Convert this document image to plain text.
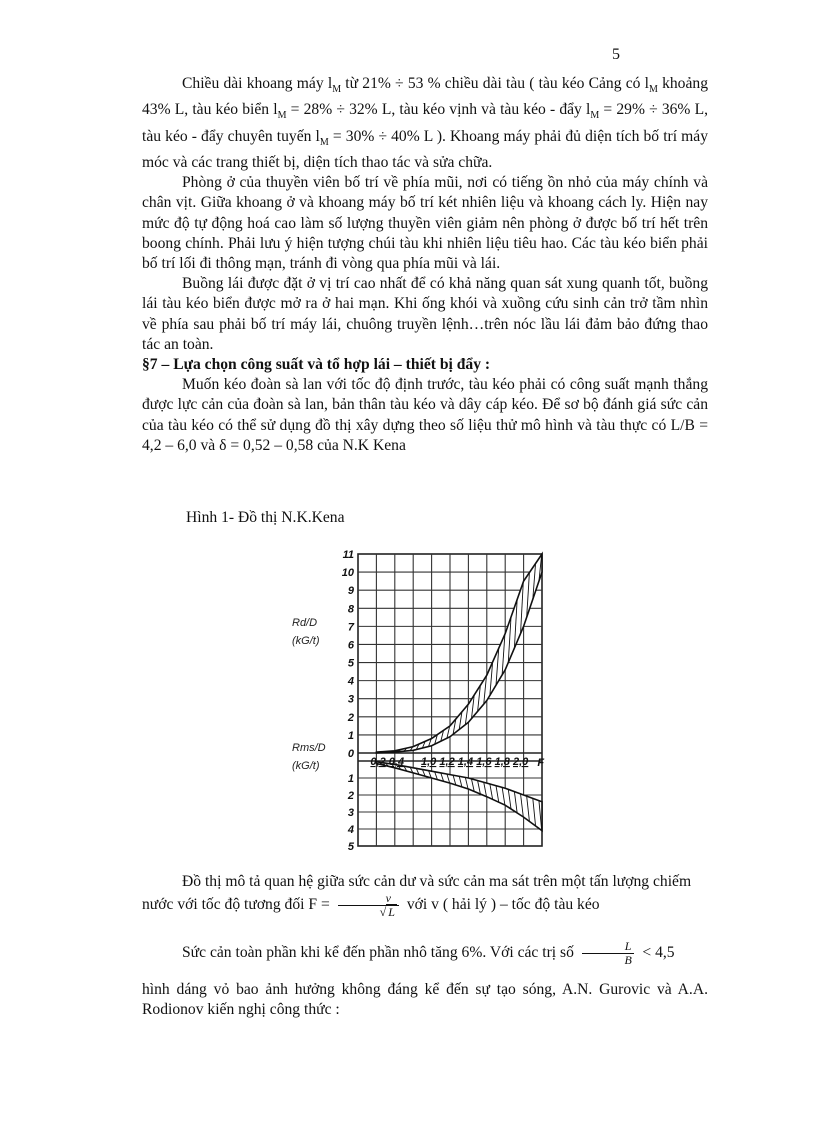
5

Chiều dài khoang máy $l_M$ từ 21% ÷ 53 % chiều dài tàu ( tàu kéo Cảng có $l_M$ khoảng 43% L, tàu kéo biển $l_M = 28\% \div 32\%$ L, tàu kéo vịnh và tàu kéo - đẩy $l_M = 29\% \div 36\%$ L, tàu kéo - đẩy chuyên tuyến $l_M = 30\% \div 40\%$ L ). Khoang máy phải đủ diện tích bố trí máy móc và các trang thiết bị, diện tích thao tác và sửa chữa.

Phòng ở của thuyền viên bố trí về phía mũi, nơi có tiếng ồn nhỏ của máy chính và chân vịt. Giữa khoang ở và khoang máy bố trí két nhiên liệu và khoang cách ly. Hiện nay mức độ tự động hoá cao làm số lượng thuyền viên giảm nên phòng ở được bố trí hết trên boong chính. Phải lưu ý hiện tượng chúi tàu khi nhiên liệu tiêu hao. Các tàu kéo biển phải bố trí lối đi thông mạn, tránh đi vòng qua phía mũi và lái.

Buồng lái được đặt ở vị trí cao nhất để có khả năng quan sát xung quanh tốt, buồng lái tàu kéo biển được mở ra ở hai mạn. Khi ống khói và xuồng cứu sinh cản trở tầm nhìn về phía sau phải bố trí máy lái, chuông truyền lệnh…trên nóc lầu lái đảm bảo đứng thao tác an toàn.

§7 – Lựa chọn công suất và tổ hợp lái – thiết bị đẩy :

Muốn kéo đoàn sà lan với tốc độ định trước, tàu kéo phải có công suất mạnh thắng được lực cản của đoàn sà lan, bản thân tàu kéo và dây cáp kéo. Để sơ bộ đánh giá sức cản của tàu kéo có thể sử dụng đồ thị xây dựng theo số liệu thử mô hình và tàu thực có L/B = 4,2 – 6,0 và δ = 0,52 – 0,58 của N.K Kena

Hình 1- Đồ thị N.K.Kena
0
1
2
3
4
5
6
7
8
9
10
11
1
2
3
4
5
0,2 0,4 1,0 1,2 1,4 1,6 1,8 2,0 F
Rd/D
(kG/t)
Rms/D
(kG/t)
Đồ thị mô tả quan hệ giữa sức cản dư và sức cản ma sát trên một tấn lượng chiếm nước với tốc độ tương đối $F = \frac{v}{√ L}$ với v ( hải lý ) – tốc độ tàu kéo
Sức cản toàn phần khi kể đến phần nhô tăng 6%. Với các trị số $\frac{L}{B} < 4,5$
hình dáng vỏ bao ảnh hưởng không đáng kể đến sự tạo sóng, A.N. Gurovic và A.A. Rodionov kiến nghị công thức :
